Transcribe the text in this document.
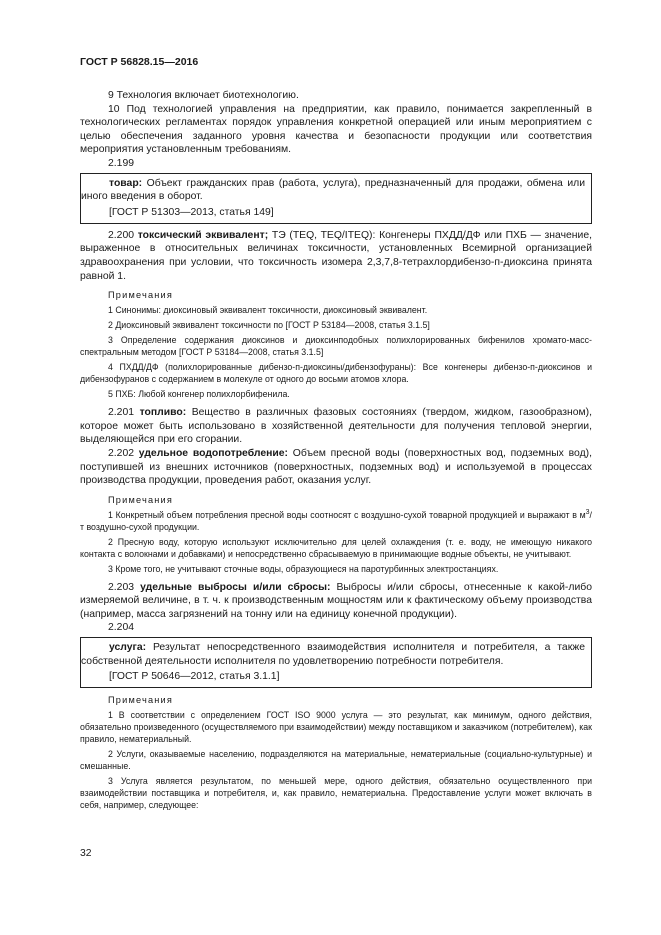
ГОСТ Р 56828.15—2016

9 Технология включает биотехнологию.

10 Под технологией управления на предприятии, как правило, понимается закрепленный в технологических регламентах порядок управления конкретной операцией или иным мероприятием с целью обеспечения заданного уровня качества и безопасности продукции или соответствия мероприятия установленным требованиям.

2.199

товар: Объект гражданских прав (работа, услуга), предназначенный для продажи, обмена или иного введения в оборот.

[ГОСТ Р 51303—2013, статья 149]

2.200 токсический эквивалент; ТЭ (TEQ, TEQ/ITEQ): Конгенеры ПХДД/ДФ или ПХБ — значение, выраженное в относительных величинах токсичности, установленных Всемирной организацией здравоохранения при условии, что токсичность изомера 2,3,7,8-тетрахлордибензо-п-диоксина принята равной 1.

Примечания

1 Синонимы: диоксиновый эквивалент токсичности, диоксиновый эквивалент.

2 Диоксиновый эквивалент токсичности по [ГОСТ Р 53184—2008, статья 3.1.5]

3 Определение содержания диоксинов и диоксинподобных полихлорированных бифенилов хромато-масс-спектральным методом [ГОСТ Р 53184—2008, статья 3.1.5]

4 ПХДД/ДФ (полихлорированные дибензо-п-диоксины/дибензофураны): Все конгенеры дибензо-п-диоксинов и дибензофуранов с содержанием в молекуле от одного до восьми атомов хлора.

5 ПХБ: Любой конгенер полихлорбифенила.

2.201 топливо: Вещество в различных фазовых состояниях (твердом, жидком, газообразном), которое может быть использовано в хозяйственной деятельности для получения тепловой энергии, выделяющейся при его сгорании.

2.202 удельное водопотребление: Объем пресной воды (поверхностных вод, подземных вод), поступившей из внешних источников (поверхностных, подземных вод) и используемой в процессах производства продукции, проведения работ, оказания услуг.

Примечания

1 Конкретный объем потребления пресной воды соотносят с воздушно-сухой товарной продукцией и выражают в $м^3/т$ воздушно-сухой продукции.

2 Пресную воду, которую используют исключительно для целей охлаждения (т. е. воду, не имеющую никакого контакта с волокнами и добавками) и непосредственно сбрасываемую в принимающие водные объекты, не учитывают.

3 Кроме того, не учитывают сточные воды, образующиеся на паротурбинных электростанциях.

2.203 удельные выбросы и/или сбросы: Выбросы и/или сбросы, отнесенные к какой-либо измеряемой величине, в т. ч. к производственным мощностям или к фактическому объему производства (например, масса загрязнений на тонну или на единицу конечной продукции).

2.204

услуга: Результат непосредственного взаимодействия исполнителя и потребителя, а также собственной деятельности исполнителя по удовлетворению потребности потребителя.

[ГОСТ Р 50646—2012, статья 3.1.1]
Примечания

1 В соответствии с определением ГОСТ ISO 9000 услуга — это результат, как минимум, одного действия, обязательно произведенного (осуществляемого при взаимодействии) между поставщиком и заказчиком (потребителем), как правило, нематериальный.

2 Услуги, оказываемые населению, подразделяются на материальные, нематериальные (социально-культурные) и смешанные.

3 Услуга является результатом, по меньшей мере, одного действия, обязательно осуществленного при взаимодействии поставщика и потребителя, и, как правило, нематериальна. Предоставление услуги может включать в себя, например, следующее:

32
